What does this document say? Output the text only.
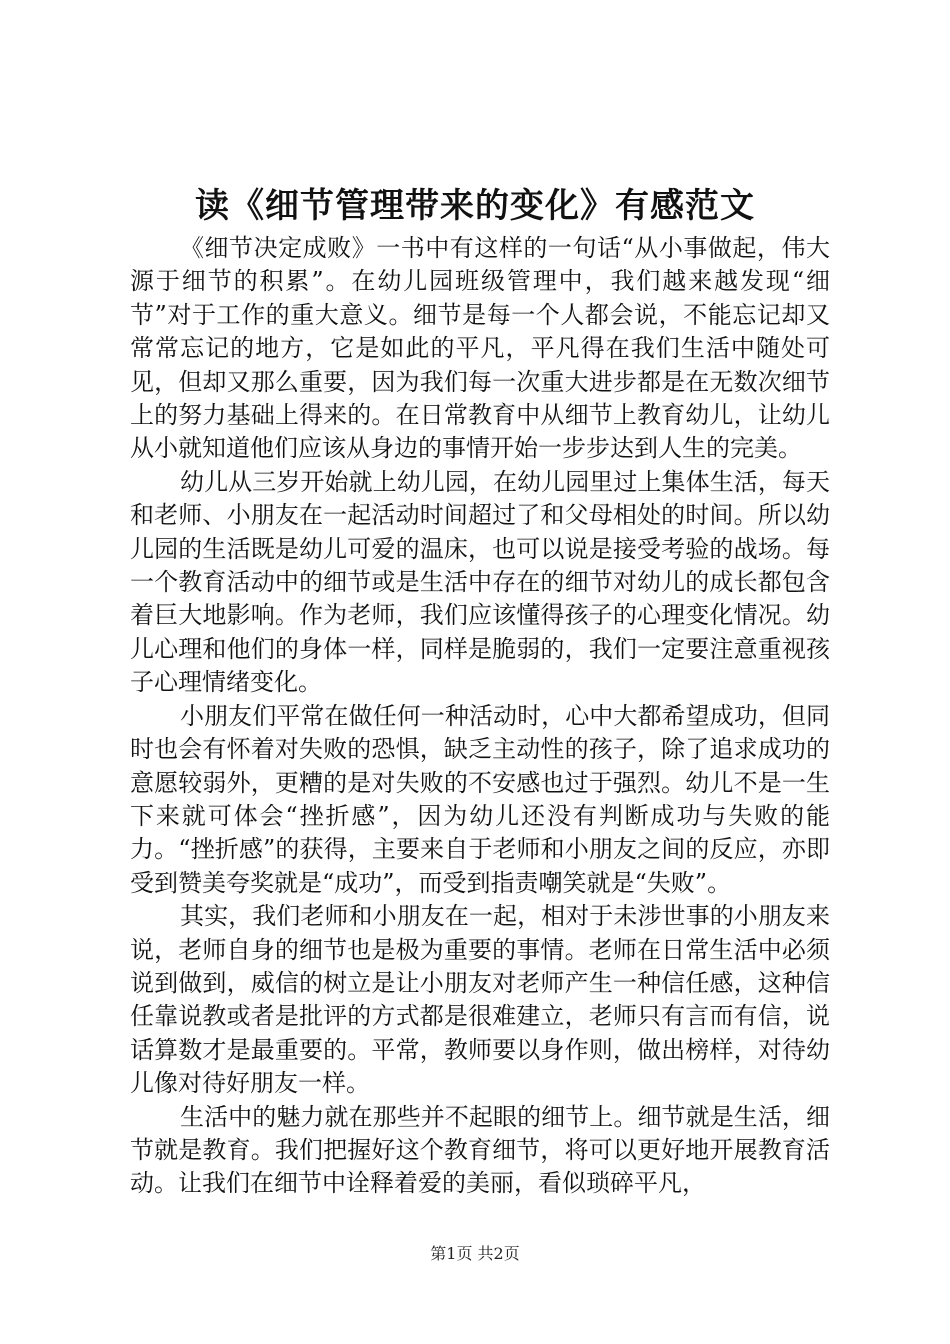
读《细节管理带来的变化》有感范文

《细节决定成败》一书中有这样的一句话“从小事做起，伟大源于细节的积累”。在幼儿园班级管理中，我们越来越发现“细节”对于工作的重大意义。细节是每一个人都会说，不能忘记却又常常忘记的地方，它是如此的平凡，平凡得在我们生活中随处可见，但却又那么重要，因为我们每一次重大进步都是在无数次细节上的努力基础上得来的。在日常教育中从细节上教育幼儿，让幼儿从小就知道他们应该从身边的事情开始一步步达到人生的完美。

幼儿从三岁开始就上幼儿园，在幼儿园里过上集体生活，每天和老师、小朋友在一起活动时间超过了和父母相处的时间。所以幼儿园的生活既是幼儿可爱的温床，也可以说是接受考验的战场。每一个教育活动中的细节或是生活中存在的细节对幼儿的成长都包含着巨大地影响。作为老师，我们应该懂得孩子的心理变化情况。幼儿心理和他们的身体一样，同样是脆弱的，我们一定要注意重视孩子心理情绪变化。

小朋友们平常在做任何一种活动时，心中大都希望成功，但同时也会有怀着对失败的恐惧，缺乏主动性的孩子，除了追求成功的意愿较弱外，更糟的是对失败的不安感也过于强烈。幼儿不是一生下来就可体会“挫折感”，因为幼儿还没有判断成功与失败的能力。“挫折感”的获得，主要来自于老师和小朋友之间的反应，亦即受到赞美夸奖就是“成功”，而受到指责嘲笑就是“失败”。

其实，我们老师和小朋友在一起，相对于未涉世事的小朋友来说，老师自身的细节也是极为重要的事情。老师在日常生活中必须说到做到，威信的树立是让小朋友对老师产生一种信任感，这种信任靠说教或者是批评的方式都是很难建立，老师只有言而有信，说话算数才是最重要的。平常，教师要以身作则，做出榜样，对待幼儿像对待好朋友一样。

生活中的魅力就在那些并不起眼的细节上。细节就是生活，细节就是教育。我们把握好这个教育细节，将可以更好地开展教育活动。让我们在细节中诠释着爱的美丽，看似琐碎平凡，

第1页 共2页
